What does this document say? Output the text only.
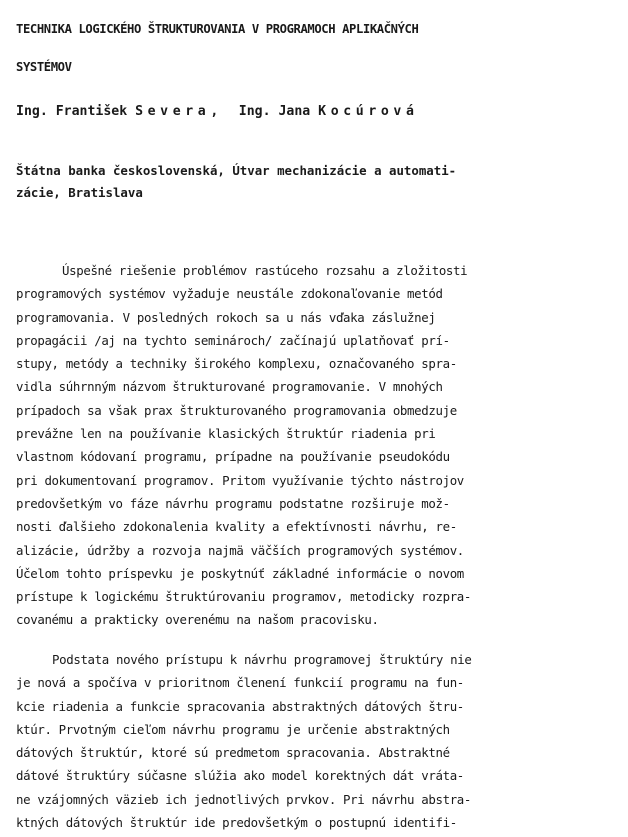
TECHNIKA LOGICKÉHO ŠTRUKTUROVANIA V PROGRAMOCH APLIKAČNÝCH
SYSTÉMOV

Ing. František Severa, Ing. Jana Kocúrová

Štátna banka československá, Útvar mechanizácie a automati-
zácie, Bratislava

Úspešné riešenie problémov rastúceho rozsahu a zložitosti
programových systémov vyžaduje neustále zdokonaľovanie metód
programovania. V posledných rokoch sa u nás vďaka záslužnej
propagácii /aj na tychto seminároch/ začínajú uplatňovať prí-
stupy, metódy a techniky širokého komplexu, označovaného spra-
vidla súhrnným názvom štrukturované programovanie. V mnohých
prípadoch sa však prax štrukturovaného programovania obmedzuje
prevážne len na používanie klasických štruktúr riadenia pri
vlastnom kódovaní programu, prípadne na používanie pseudokódu
pri dokumentovaní programov. Pritom využívanie týchto nástrojov
predovšetkým vo fáze návrhu programu podstatne rozširuje mož-
nosti ďalšieho zdokonalenia kvality a efektívnosti návrhu, re-
alizácie, údržby a rozvoja najmä väčších programových systémov.
Účelom tohto príspevku je poskytnúť základné informácie o novom
prístupe k logickému štruktúrovaniu programov, metodicky rozpra-
covanému a prakticky overenému na našom pracovisku.
Podstata nového prístupu k návrhu programovej štruktúry nie
je nová a spočíva v prioritnom členení funkcií programu na fun-
kcie riadenia a funkcie spracovania abstraktných dátových štru-
ktúr. Prvotným cieľom návrhu programu je určenie abstraktných
dátových štruktúr, ktoré sú predmetom spracovania. Abstraktné
dátové štruktúry súčasne slúžia ako model korektných dát vráta-
ne vzájomných väzieb ich jednotlivých prvkov. Pri návrhu abstra-
ktných dátových štruktúr ide predovšetkým o postupnú identifi-
